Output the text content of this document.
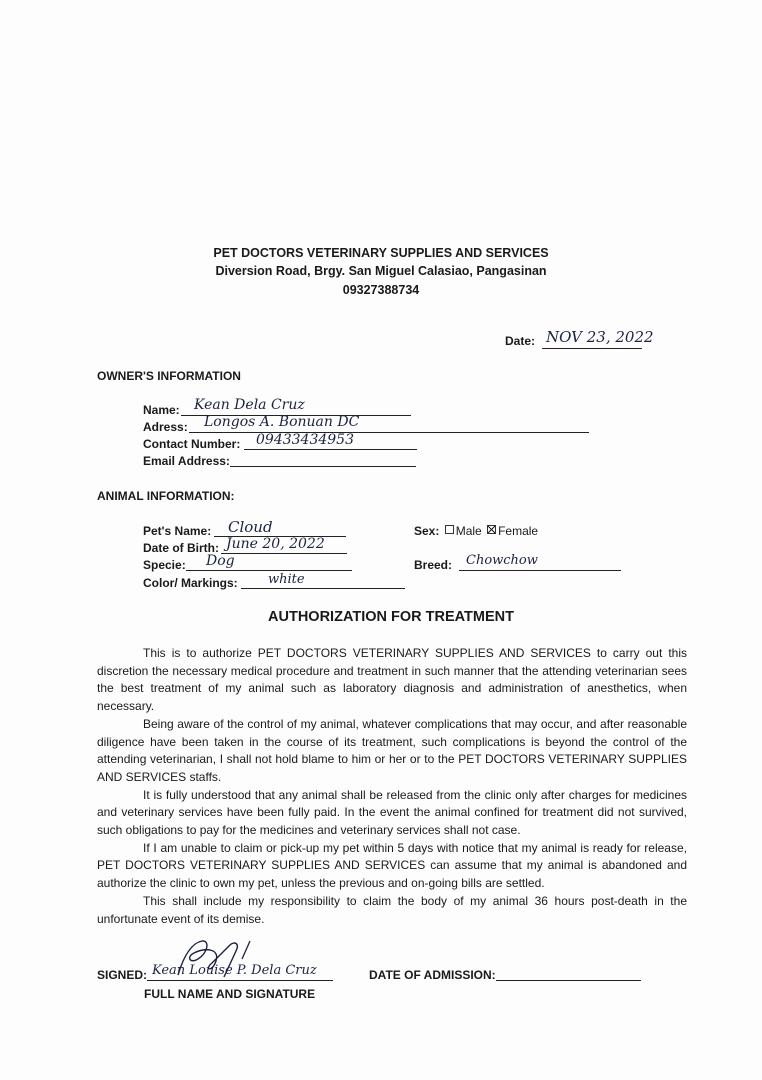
PET DOCTORS VETERINARY SUPPLIES AND SERVICES
Diversion Road, Brgy. San Miguel Calasiao, Pangasinan
09327388734
Date: NOV 23, 2022
OWNER'S INFORMATION
Name: Kean Dela Cruz
Adress: Longos A. Bonuan DC
Contact Number: 09433434953
Email Address:
ANIMAL INFORMATION:
Pet's Name: Cloud
Date of Birth: June 20, 2022
Specie: Dog
Color/ Markings: white
Sex: Male Female
Breed: Chowchow
AUTHORIZATION FOR TREATMENT

This is to authorize PET DOCTORS VETERINARY SUPPLIES AND SERVICES to carry out this discretion the necessary medical procedure and treatment in such manner that the attending veterinarian sees the best treatment of my animal such as laboratory diagnosis and administration of anesthetics, when necessary.

Being aware of the control of my animal, whatever complications that may occur, and after reasonable diligence have been taken in the course of its treatment, such complications is beyond the control of the attending veterinarian, I shall not hold blame to him or her or to the PET DOCTORS VETERINARY SUPPLIES AND SERVICES staffs.

It is fully understood that any animal shall be released from the clinic only after charges for medicines and veterinary services have been fully paid. In the event the animal confined for treatment did not survived, such obligations to pay for the medicines and veterinary services shall not case.

If I am unable to claim or pick-up my pet within 5 days with notice that my animal is ready for release, PET DOCTORS VETERINARY SUPPLIES AND SERVICES can assume that my animal is abandoned and authorize the clinic to own my pet, unless the previous and on-going bills are settled.

This shall include my responsibility to claim the body of my animal 36 hours post-death in the unfortunate event of its demise.

SIGNED: Kean Louise P. Dela Cruz
FULL NAME AND SIGNATURE
DATE OF ADMISSION:
